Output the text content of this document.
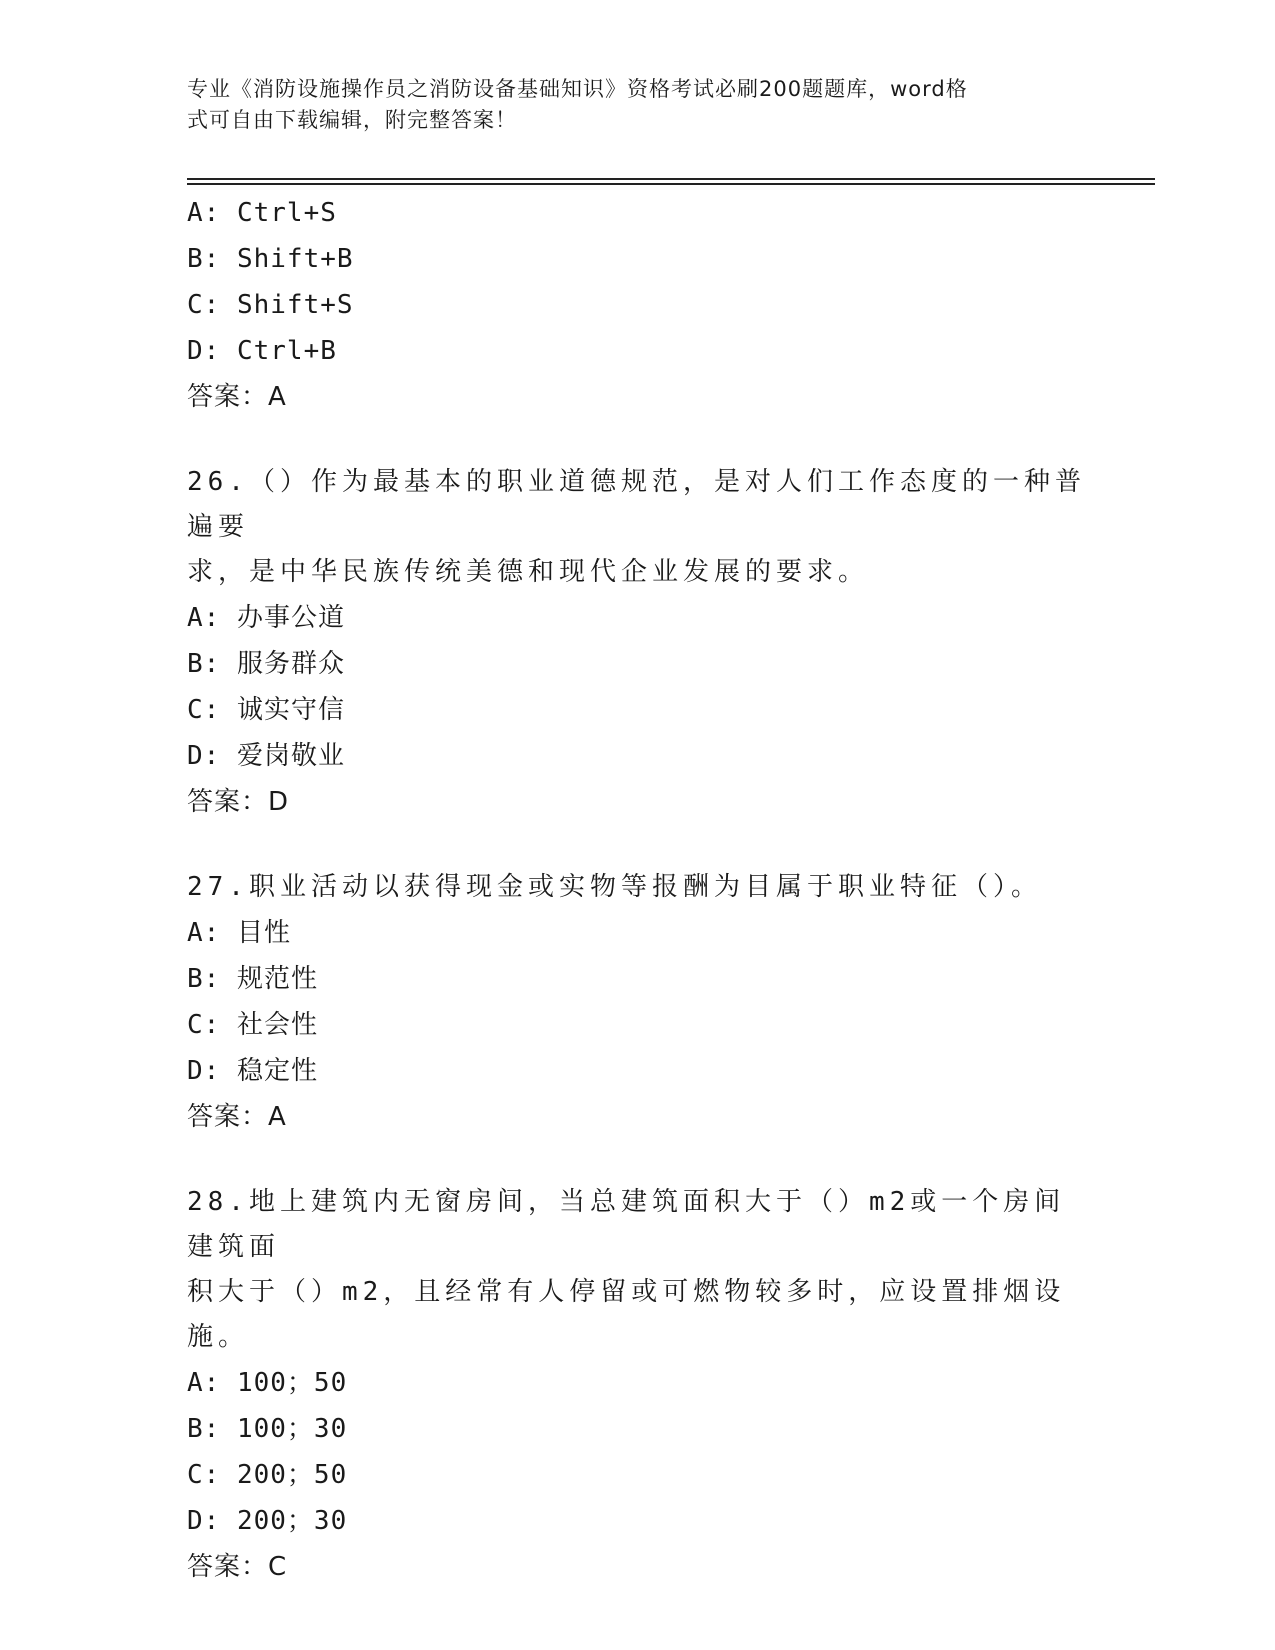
专业《消防设施操作员之消防设备基础知识》资格考试必刷200题题库，word格
式可自由下载编辑，附完整答案！
A: Ctrl+S
B: Shift+B
C: Shift+S
D: Ctrl+B
答案：A
26.（）作为最基本的职业道德规范，是对人们工作态度的一种普遍要
求，是中华民族传统美德和现代企业发展的要求。
A: 办事公道
B: 服务群众
C: 诚实守信
D: 爱岗敬业
答案：D
27.职业活动以获得现金或实物等报酬为目属于职业特征（）。
A: 目性
B: 规范性
C: 社会性
D: 稳定性
答案：A
28.地上建筑内无窗房间，当总建筑面积大于（）m2或一个房间建筑面
积大于（）m2，且经常有人停留或可燃物较多时，应设置排烟设施。
A: 100；50
B: 100；30
C: 200；50
D: 200；30
答案：C
